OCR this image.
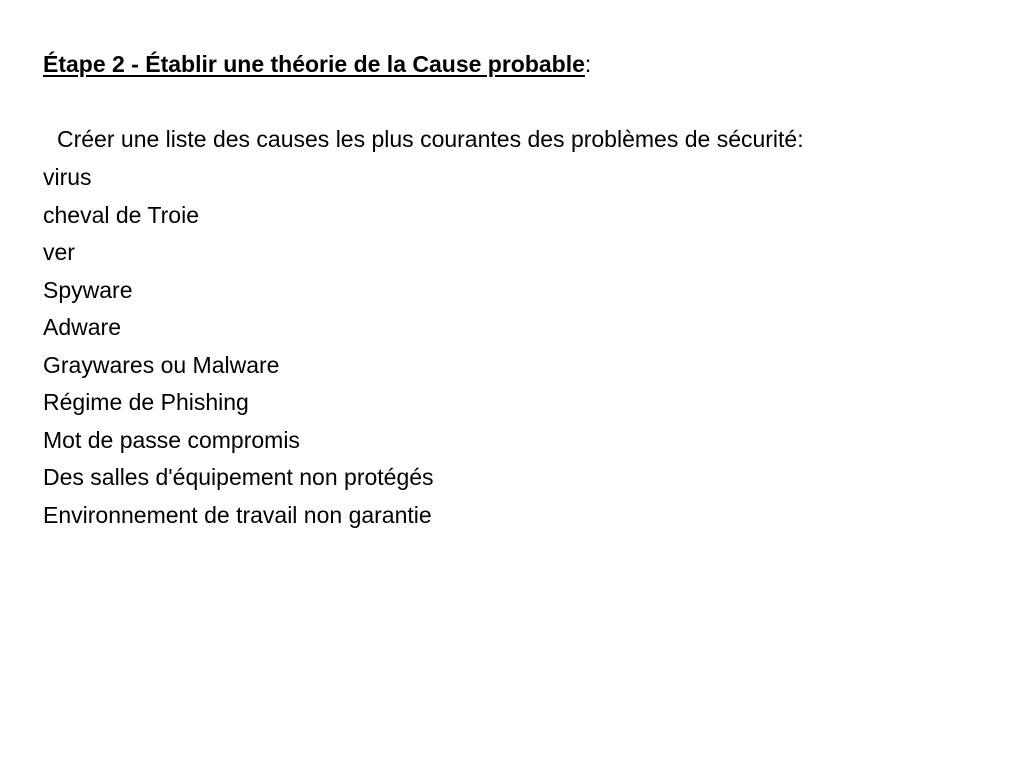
Étape 2 - Établir une théorie de la Cause probable:
Créer une liste des causes les plus courantes des problèmes de sécurité:
virus
cheval de Troie
ver
Spyware
Adware
Graywares ou Malware
Régime de Phishing
Mot de passe compromis
Des salles d'équipement non protégés
Environnement de travail non garantie
